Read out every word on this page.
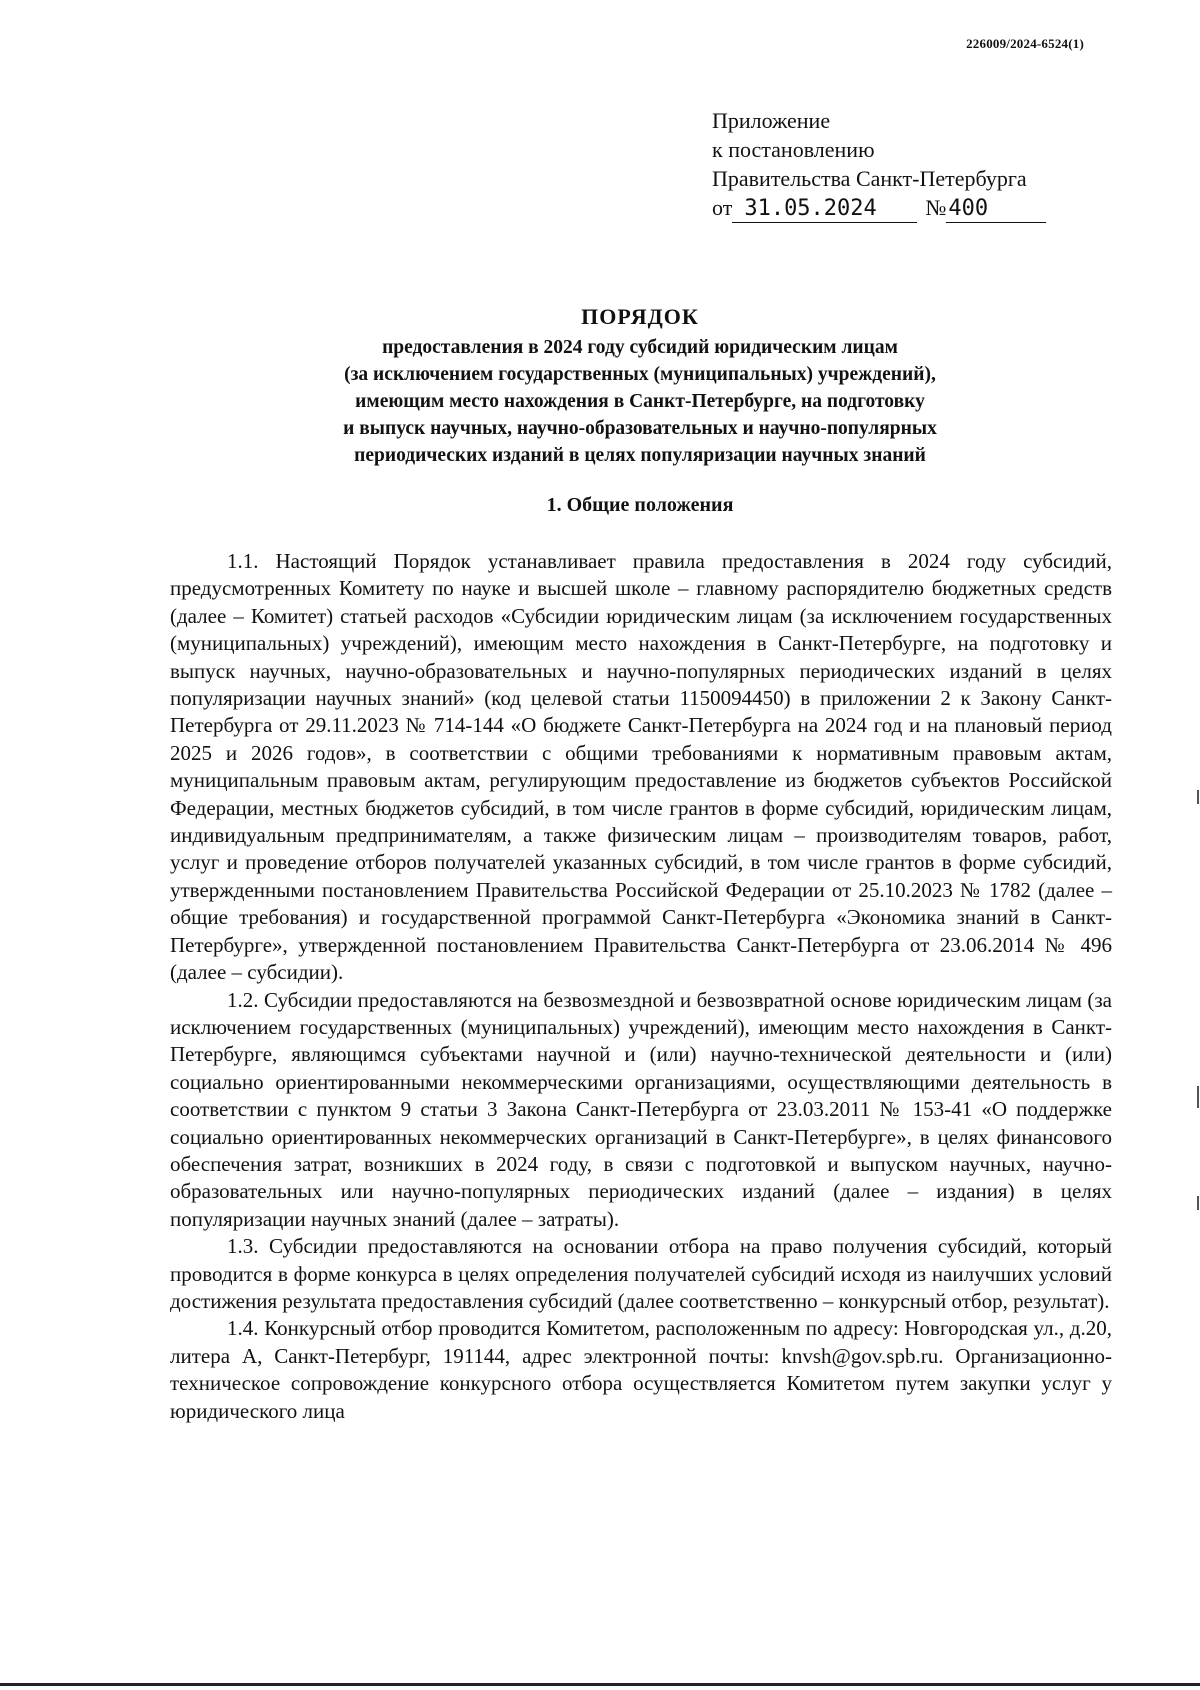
226009/2024-6524(1)
Приложение
к постановлению
Правительства Санкт-Петербурга
от 31.05.2024 №400
ПОРЯДОК
предоставления в 2024 году субсидий юридическим лицам
(за исключением государственных (муниципальных) учреждений),
имеющим место нахождения в Санкт-Петербурге, на подготовку
и выпуск научных, научно-образовательных и научно-популярных
периодических изданий в целях популяризации научных знаний
1. Общие положения

1.1. Настоящий Порядок устанавливает правила предоставления в 2024 году субсидий, предусмотренных Комитету по науке и высшей школе – главному распорядителю бюджетных средств (далее – Комитет) статьей расходов «Субсидии юридическим лицам (за исключением государственных (муниципальных) учреждений), имеющим место нахождения в Санкт-Петербурге, на подготовку и выпуск научных, научно-образовательных и научно-популярных периодических изданий в целях популяризации научных знаний» (код целевой статьи 1150094450) в приложении 2 к Закону Санкт-Петербурга от 29.11.2023 № 714-144 «О бюджете Санкт-Петербурга на 2024 год и на плановый период 2025 и 2026 годов», в соответствии с общими требованиями к нормативным правовым актам, муниципальным правовым актам, регулирующим предоставление из бюджетов субъектов Российской Федерации, местных бюджетов субсидий, в том числе грантов в форме субсидий, юридическим лицам, индивидуальным предпринимателям, а также физическим лицам – производителям товаров, работ, услуг и проведение отборов получателей указанных субсидий, в том числе грантов в форме субсидий, утвержденными постановлением Правительства Российской Федерации от 25.10.2023 № 1782 (далее – общие требования) и государственной программой Санкт-Петербурга «Экономика знаний в Санкт-Петербурге», утвержденной постановлением Правительства Санкт-Петербурга от 23.06.2014 № 496 (далее – субсидии).

1.2. Субсидии предоставляются на безвозмездной и безвозвратной основе юридическим лицам (за исключением государственных (муниципальных) учреждений), имеющим место нахождения в Санкт-Петербурге, являющимся субъектами научной и (или) научно-технической деятельности и (или) социально ориентированными некоммерческими организациями, осуществляющими деятельность в соответствии с пунктом 9 статьи 3 Закона Санкт-Петербурга от 23.03.2011 № 153-41 «О поддержке социально ориентированных некоммерческих организаций в Санкт-Петербурге», в целях финансового обеспечения затрат, возникших в 2024 году, в связи с подготовкой и выпуском научных, научно-образовательных или научно-популярных периодических изданий (далее – издания) в целях популяризации научных знаний (далее – затраты).

1.3. Субсидии предоставляются на основании отбора на право получения субсидий, который проводится в форме конкурса в целях определения получателей субсидий исходя из наилучших условий достижения результата предоставления субсидий (далее соответственно – конкурсный отбор, результат).

1.4. Конкурсный отбор проводится Комитетом, расположенным по адресу: Новгородская ул., д.20, литера А, Санкт-Петербург, 191144, адрес электронной почты: knvsh@gov.spb.ru. Организационно-техническое сопровождение конкурсного отбора осуществляется Комитетом путем закупки услуг у юридического лица
